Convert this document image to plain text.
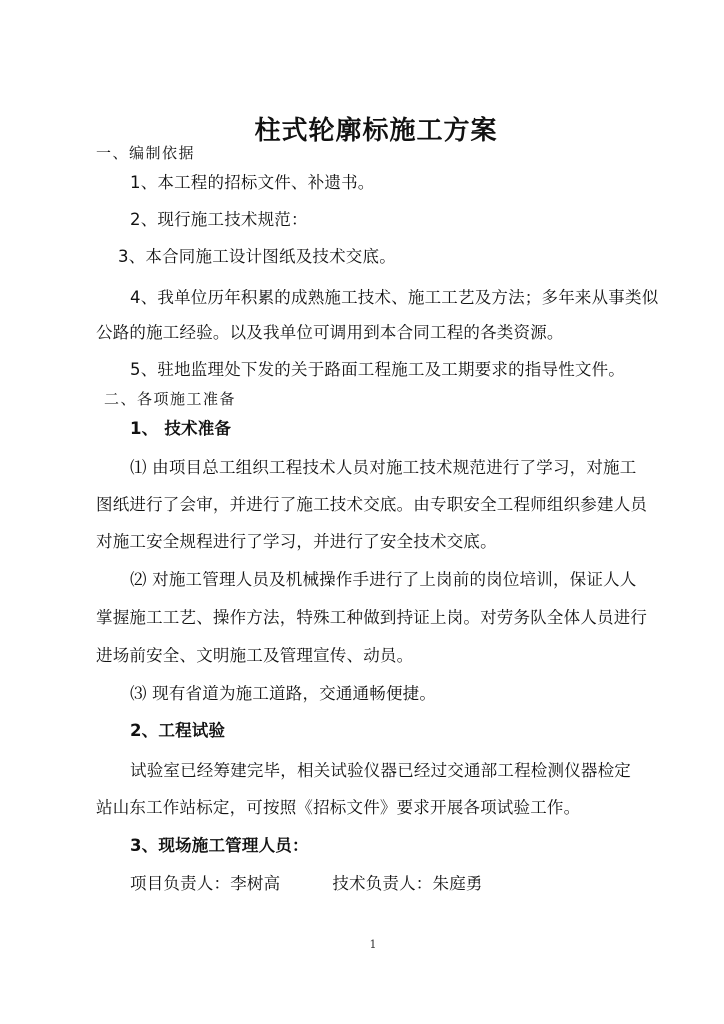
柱式轮廓标施工方案
一、编制依据
1、本工程的招标文件、补遗书。
2、现行施工技术规范：
3、本合同施工设计图纸及技术交底。
4、我单位历年积累的成熟施工技术、施工工艺及方法；多年来从事类似
公路的施工经验。以及我单位可调用到本合同工程的各类资源。
5、驻地监理处下发的关于路面工程施工及工期要求的指导性文件。
二、各项施工准备
1、 技术准备
⑴ 由项目总工组织工程技术人员对施工技术规范进行了学习，对施工
图纸进行了会审，并进行了施工技术交底。由专职安全工程师组织参建人员
对施工安全规程进行了学习，并进行了安全技术交底。
⑵ 对施工管理人员及机械操作手进行了上岗前的岗位培训，保证人人
掌握施工工艺、操作方法，特殊工种做到持证上岗。对劳务队全体人员进行
进场前安全、文明施工及管理宣传、动员。
⑶ 现有省道为施工道路，交通通畅便捷。
2、工程试验
试验室已经筹建完毕，相关试验仪器已经过交通部工程检测仪器检定
站山东工作站标定，可按照《招标文件》要求开展各项试验工作。
3、现场施工管理人员：
项目负责人：李树高	技术负责人：朱庭勇
1
